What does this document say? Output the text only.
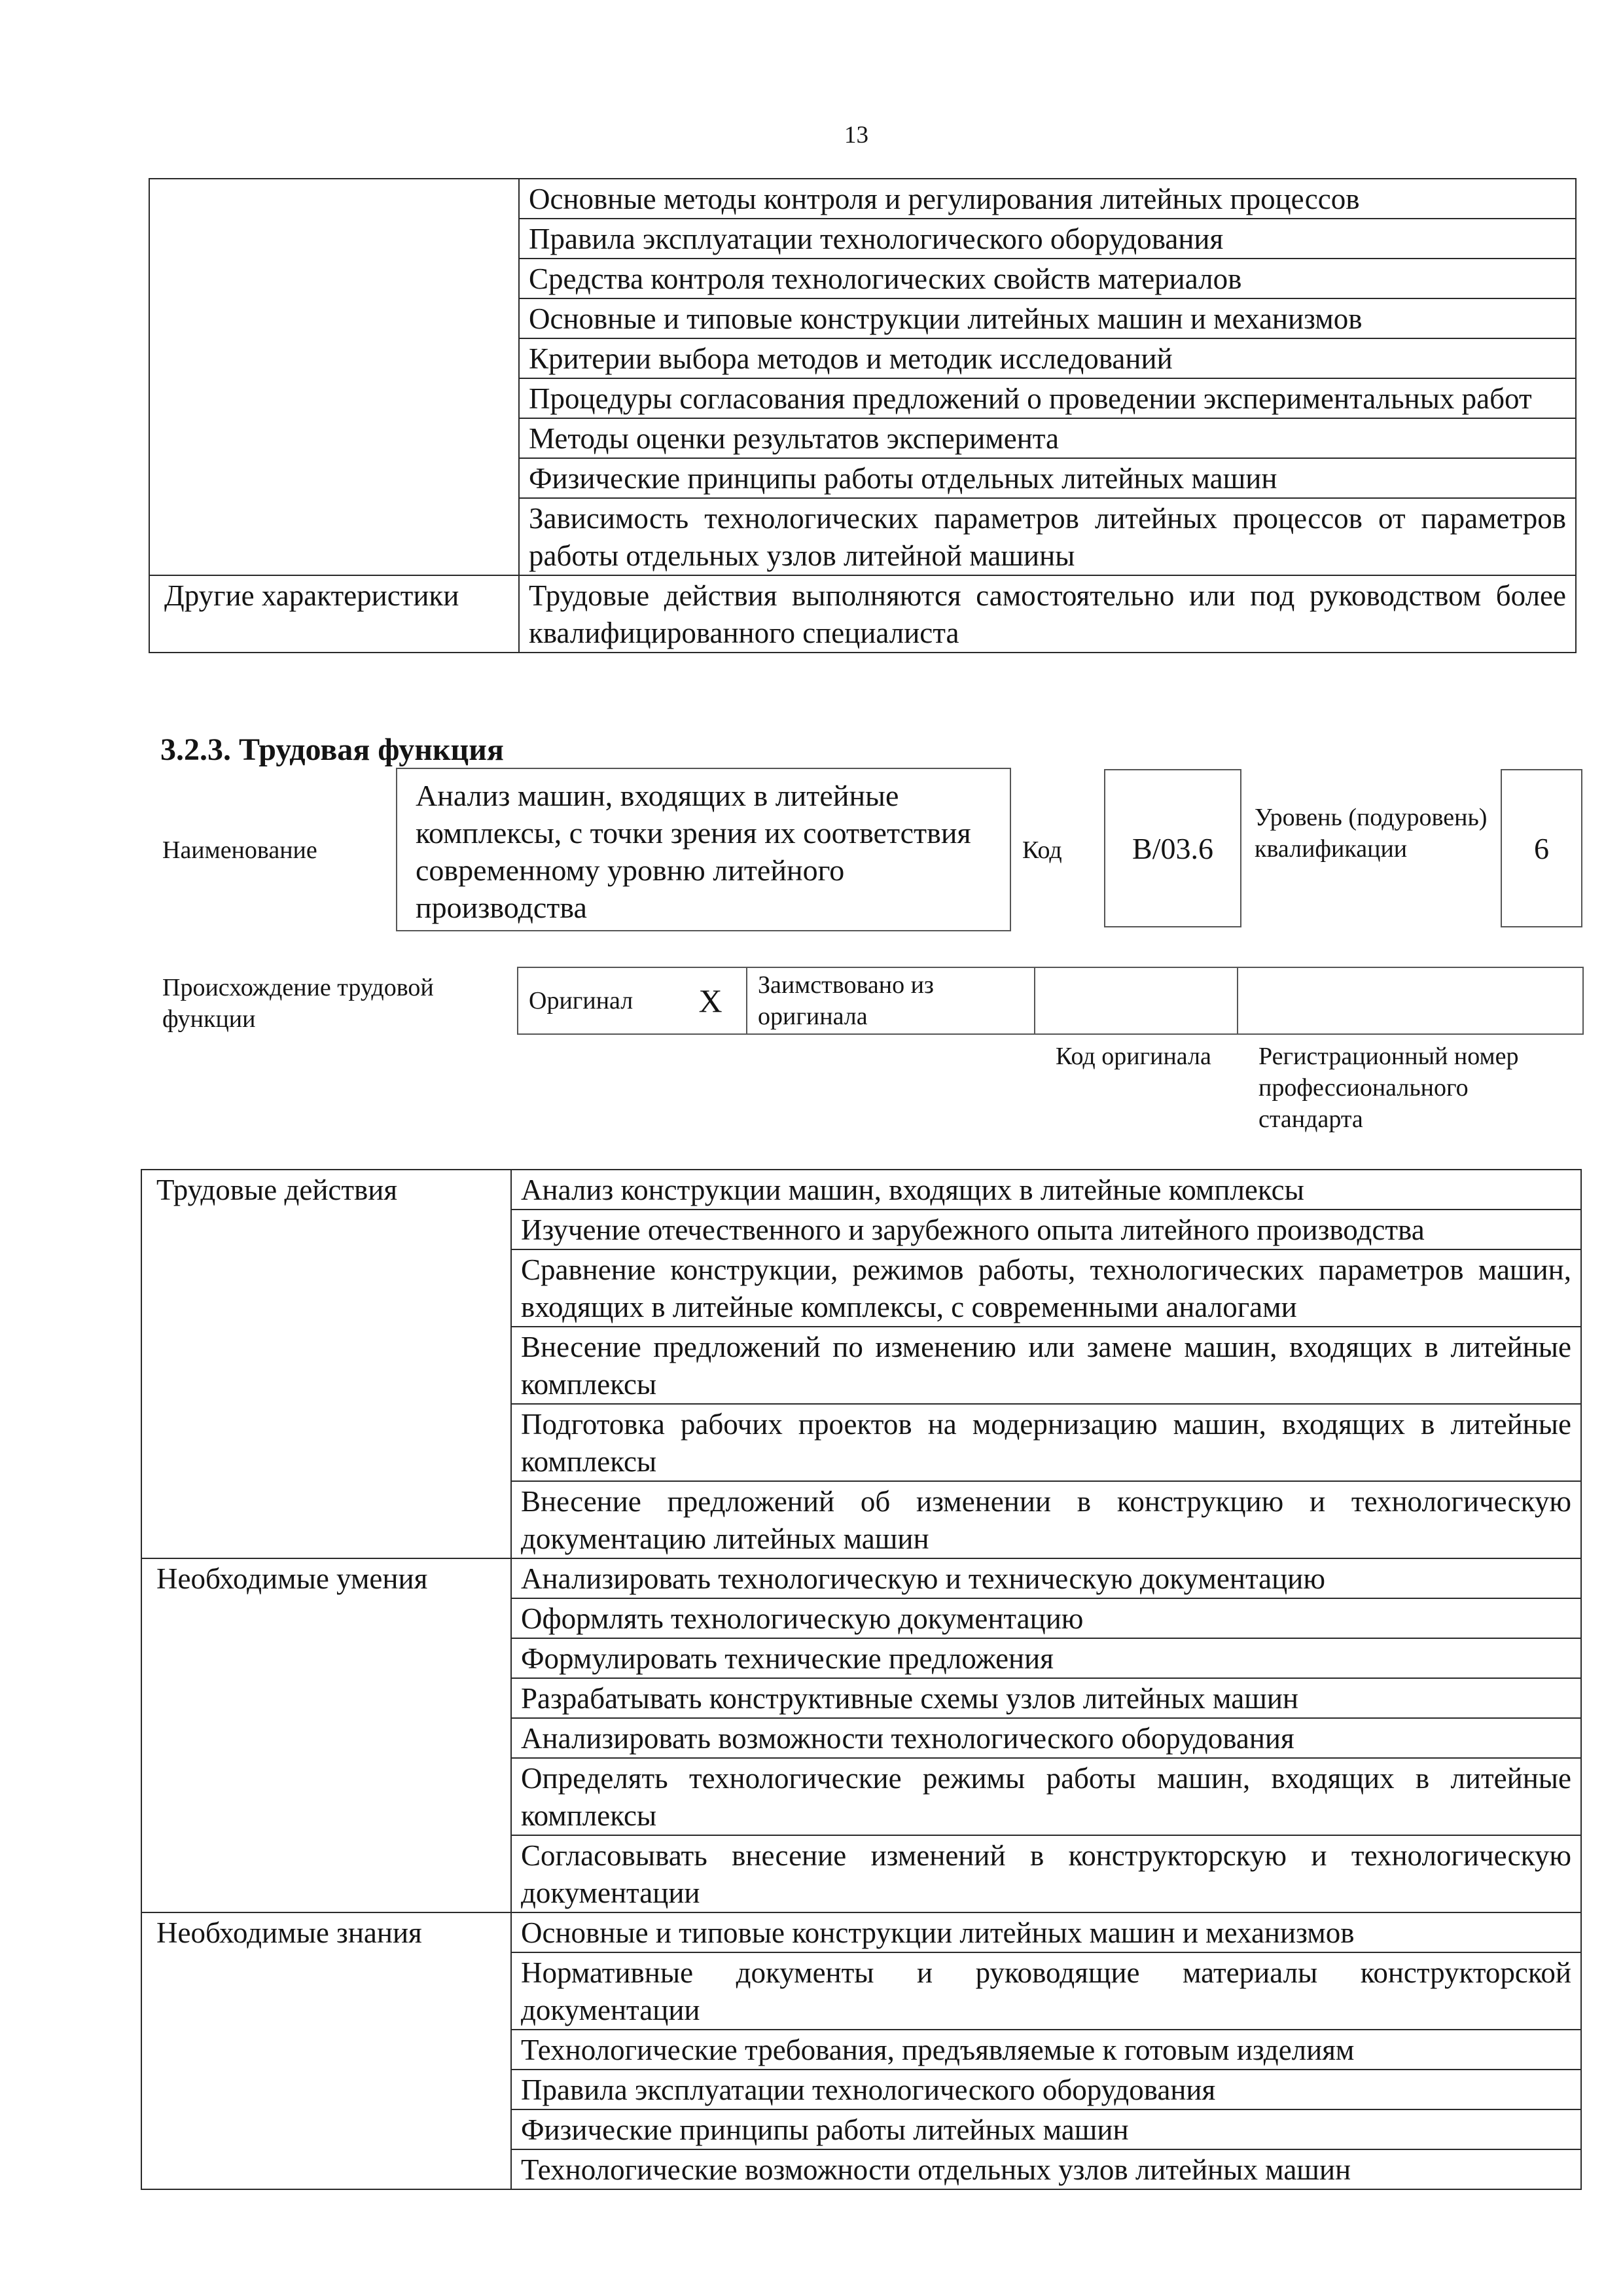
13
	Основные методы контроля и регулирования литейных процессов
	Правила эксплуатации технологического оборудования
	Средства контроля технологических свойств материалов
	Основные и типовые конструкции литейных машин и механизмов
	Критерии выбора методов и методик исследований
	Процедуры согласования предложений о проведении экспериментальных работ
	Методы оценки результатов эксперимента
	Физические принципы работы отдельных литейных машин
	Зависимость технологических параметров литейных процессов от параметров работы отдельных узлов литейной машины
Другие характеристики	Трудовые действия выполняются самостоятельно или под руководством более квалифицированного специалиста
3.2.3. Трудовая функция
Наименование
Анализ машин, входящих в литейные комплексы, с точки зрения их соответствия современному уровню литейного производства
Код	B/03.6
Уровень (подуровень) квалификации	6
Происхождение трудовой функции
Оригинал	X	Заимствовано из оригинала		
Код оригинала Регистрационный номер профессионального стандарта
Трудовые действия	Анализ конструкции машин, входящих в литейные комплексы
	Изучение отечественного и зарубежного опыта литейного производства
	Сравнение конструкции, режимов работы, технологических параметров машин, входящих в литейные комплексы, с современными аналогами
	Внесение предложений по изменению или замене машин, входящих в литейные комплексы
	Подготовка рабочих проектов на модернизацию машин, входящих в литейные комплексы
	Внесение предложений об изменении в конструкцию и технологическую документацию литейных машин
Необходимые умения	Анализировать технологическую и техническую документацию
	Оформлять технологическую документацию
	Формулировать технические предложения
	Разрабатывать конструктивные схемы узлов литейных машин
	Анализировать возможности технологического оборудования
	Определять технологические режимы работы машин, входящих в литейные комплексы
	Согласовывать внесение изменений в конструкторскую и технологическую документации
Необходимые знания	Основные и типовые конструкции литейных машин и механизмов
	Нормативные документы и руководящие материалы конструкторской документации
	Технологические требования, предъявляемые к готовым изделиям
	Правила эксплуатации технологического оборудования
	Физические принципы работы литейных машин
	Технологические возможности отдельных узлов литейных машин
